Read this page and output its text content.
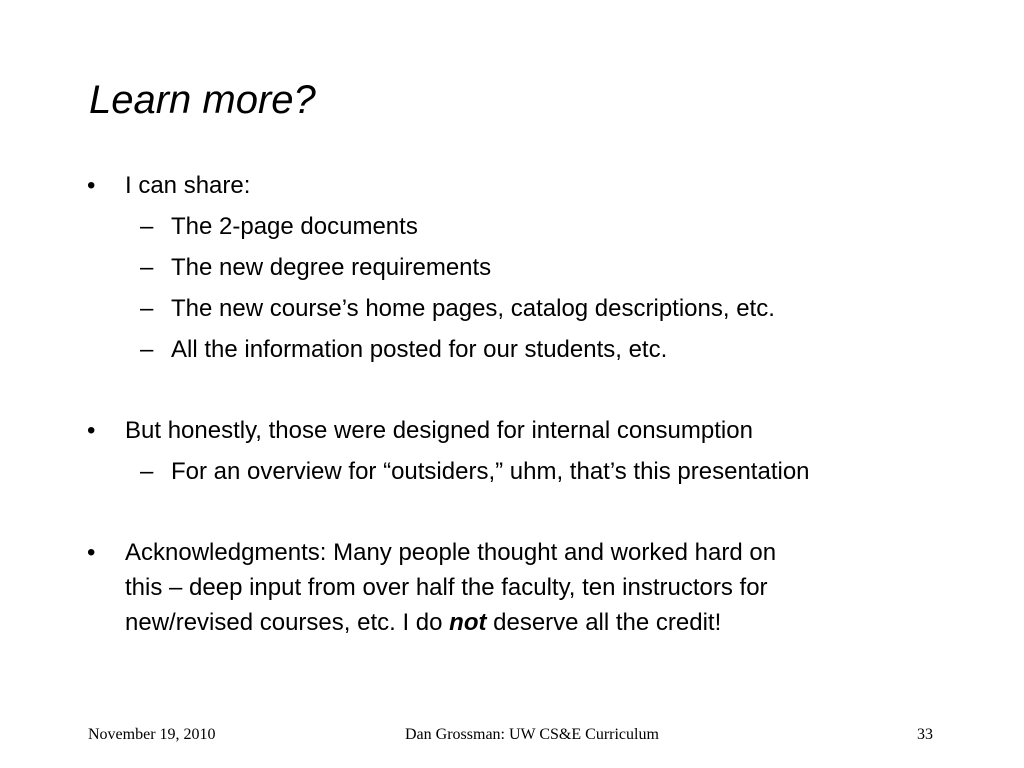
Learn more?
• I can share:
– The 2-page documents
– The new degree requirements
– The new course’s home pages, catalog descriptions, etc.
– All the information posted for our students, etc.
• But honestly, those were designed for internal consumption
– For an overview for “outsiders,” uhm, that’s this presentation
• Acknowledgments: Many people thought and worked hard on
this – deep input from over half the faculty, ten instructors for
new/revised courses, etc. I do not deserve all the credit!
November 19, 2010	Dan Grossman: UW CS&E Curriculum	33
